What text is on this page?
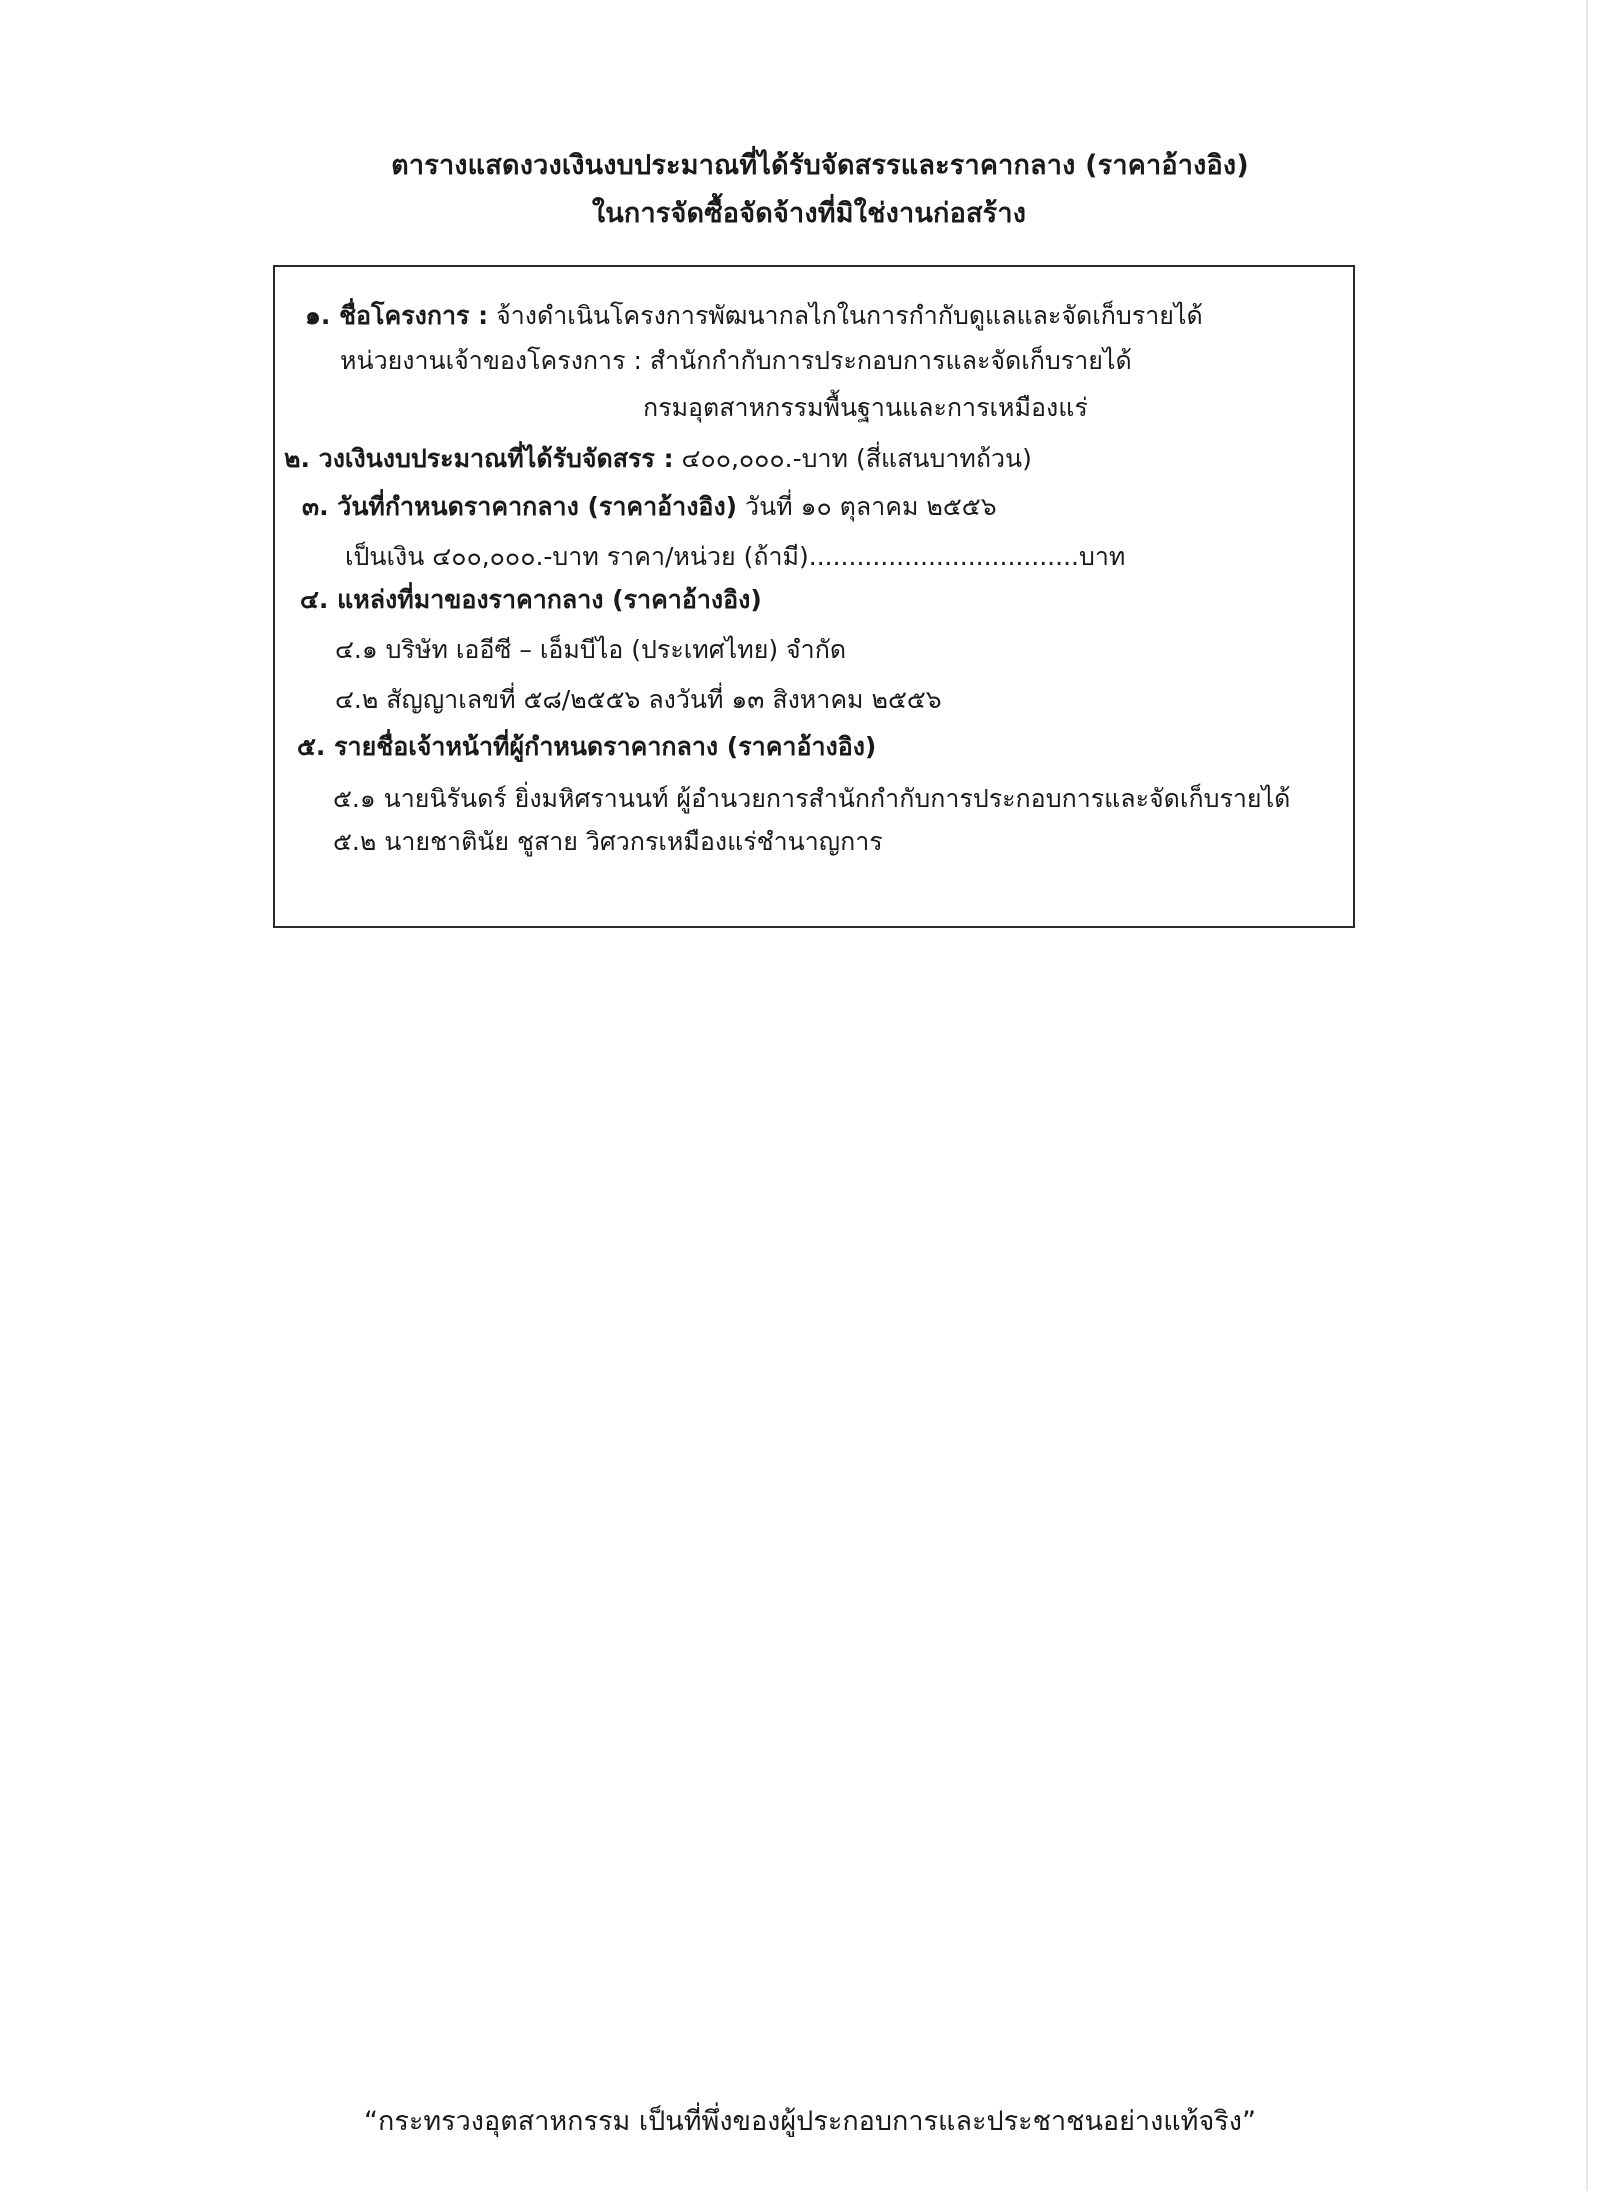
ตารางแสดงวงเงินงบประมาณที่ได้รับจัดสรรและราคากลาง (ราคาอ้างอิง)
ในการจัดซื้อจัดจ้างที่มิใช่งานก่อสร้าง
๑. ชื่อโครงการ : จ้างดำเนินโครงการพัฒนากลไกในการกำกับดูแลและจัดเก็บรายได้
หน่วยงานเจ้าของโครงการ : สำนักกำกับการประกอบการและจัดเก็บรายได้
กรมอุตสาหกรรมพื้นฐานและการเหมืองแร่
๒. วงเงินงบประมาณที่ได้รับจัดสรร : ๔๐๐,๐๐๐.-บาท (สี่แสนบาทถ้วน)
๓. วันที่กำหนดราคากลาง (ราคาอ้างอิง) วันที่ ๑๐ ตุลาคม ๒๕๕๖
เป็นเงิน ๔๐๐,๐๐๐.-บาท ราคา/หน่วย (ถ้ามี)..................................บาท
๔. แหล่งที่มาของราคากลาง (ราคาอ้างอิง)
๔.๑ บริษัท เออีซี – เอ็มบีไอ (ประเทศไทย) จำกัด
๔.๒ สัญญาเลขที่ ๕๘/๒๕๕๖ ลงวันที่ ๑๓ สิงหาคม ๒๕๕๖
๕. รายชื่อเจ้าหน้าที่ผู้กำหนดราคากลาง (ราคาอ้างอิง)
๕.๑ นายนิรันดร์ ยิ่งมหิศรานนท์ ผู้อำนวยการสำนักกำกับการประกอบการและจัดเก็บรายได้
๕.๒ นายชาตินัย ชูสาย วิศวกรเหมืองแร่ชำนาญการ
“กระทรวงอุตสาหกรรม เป็นที่พึ่งของผู้ประกอบการและประชาชนอย่างแท้จริง”
